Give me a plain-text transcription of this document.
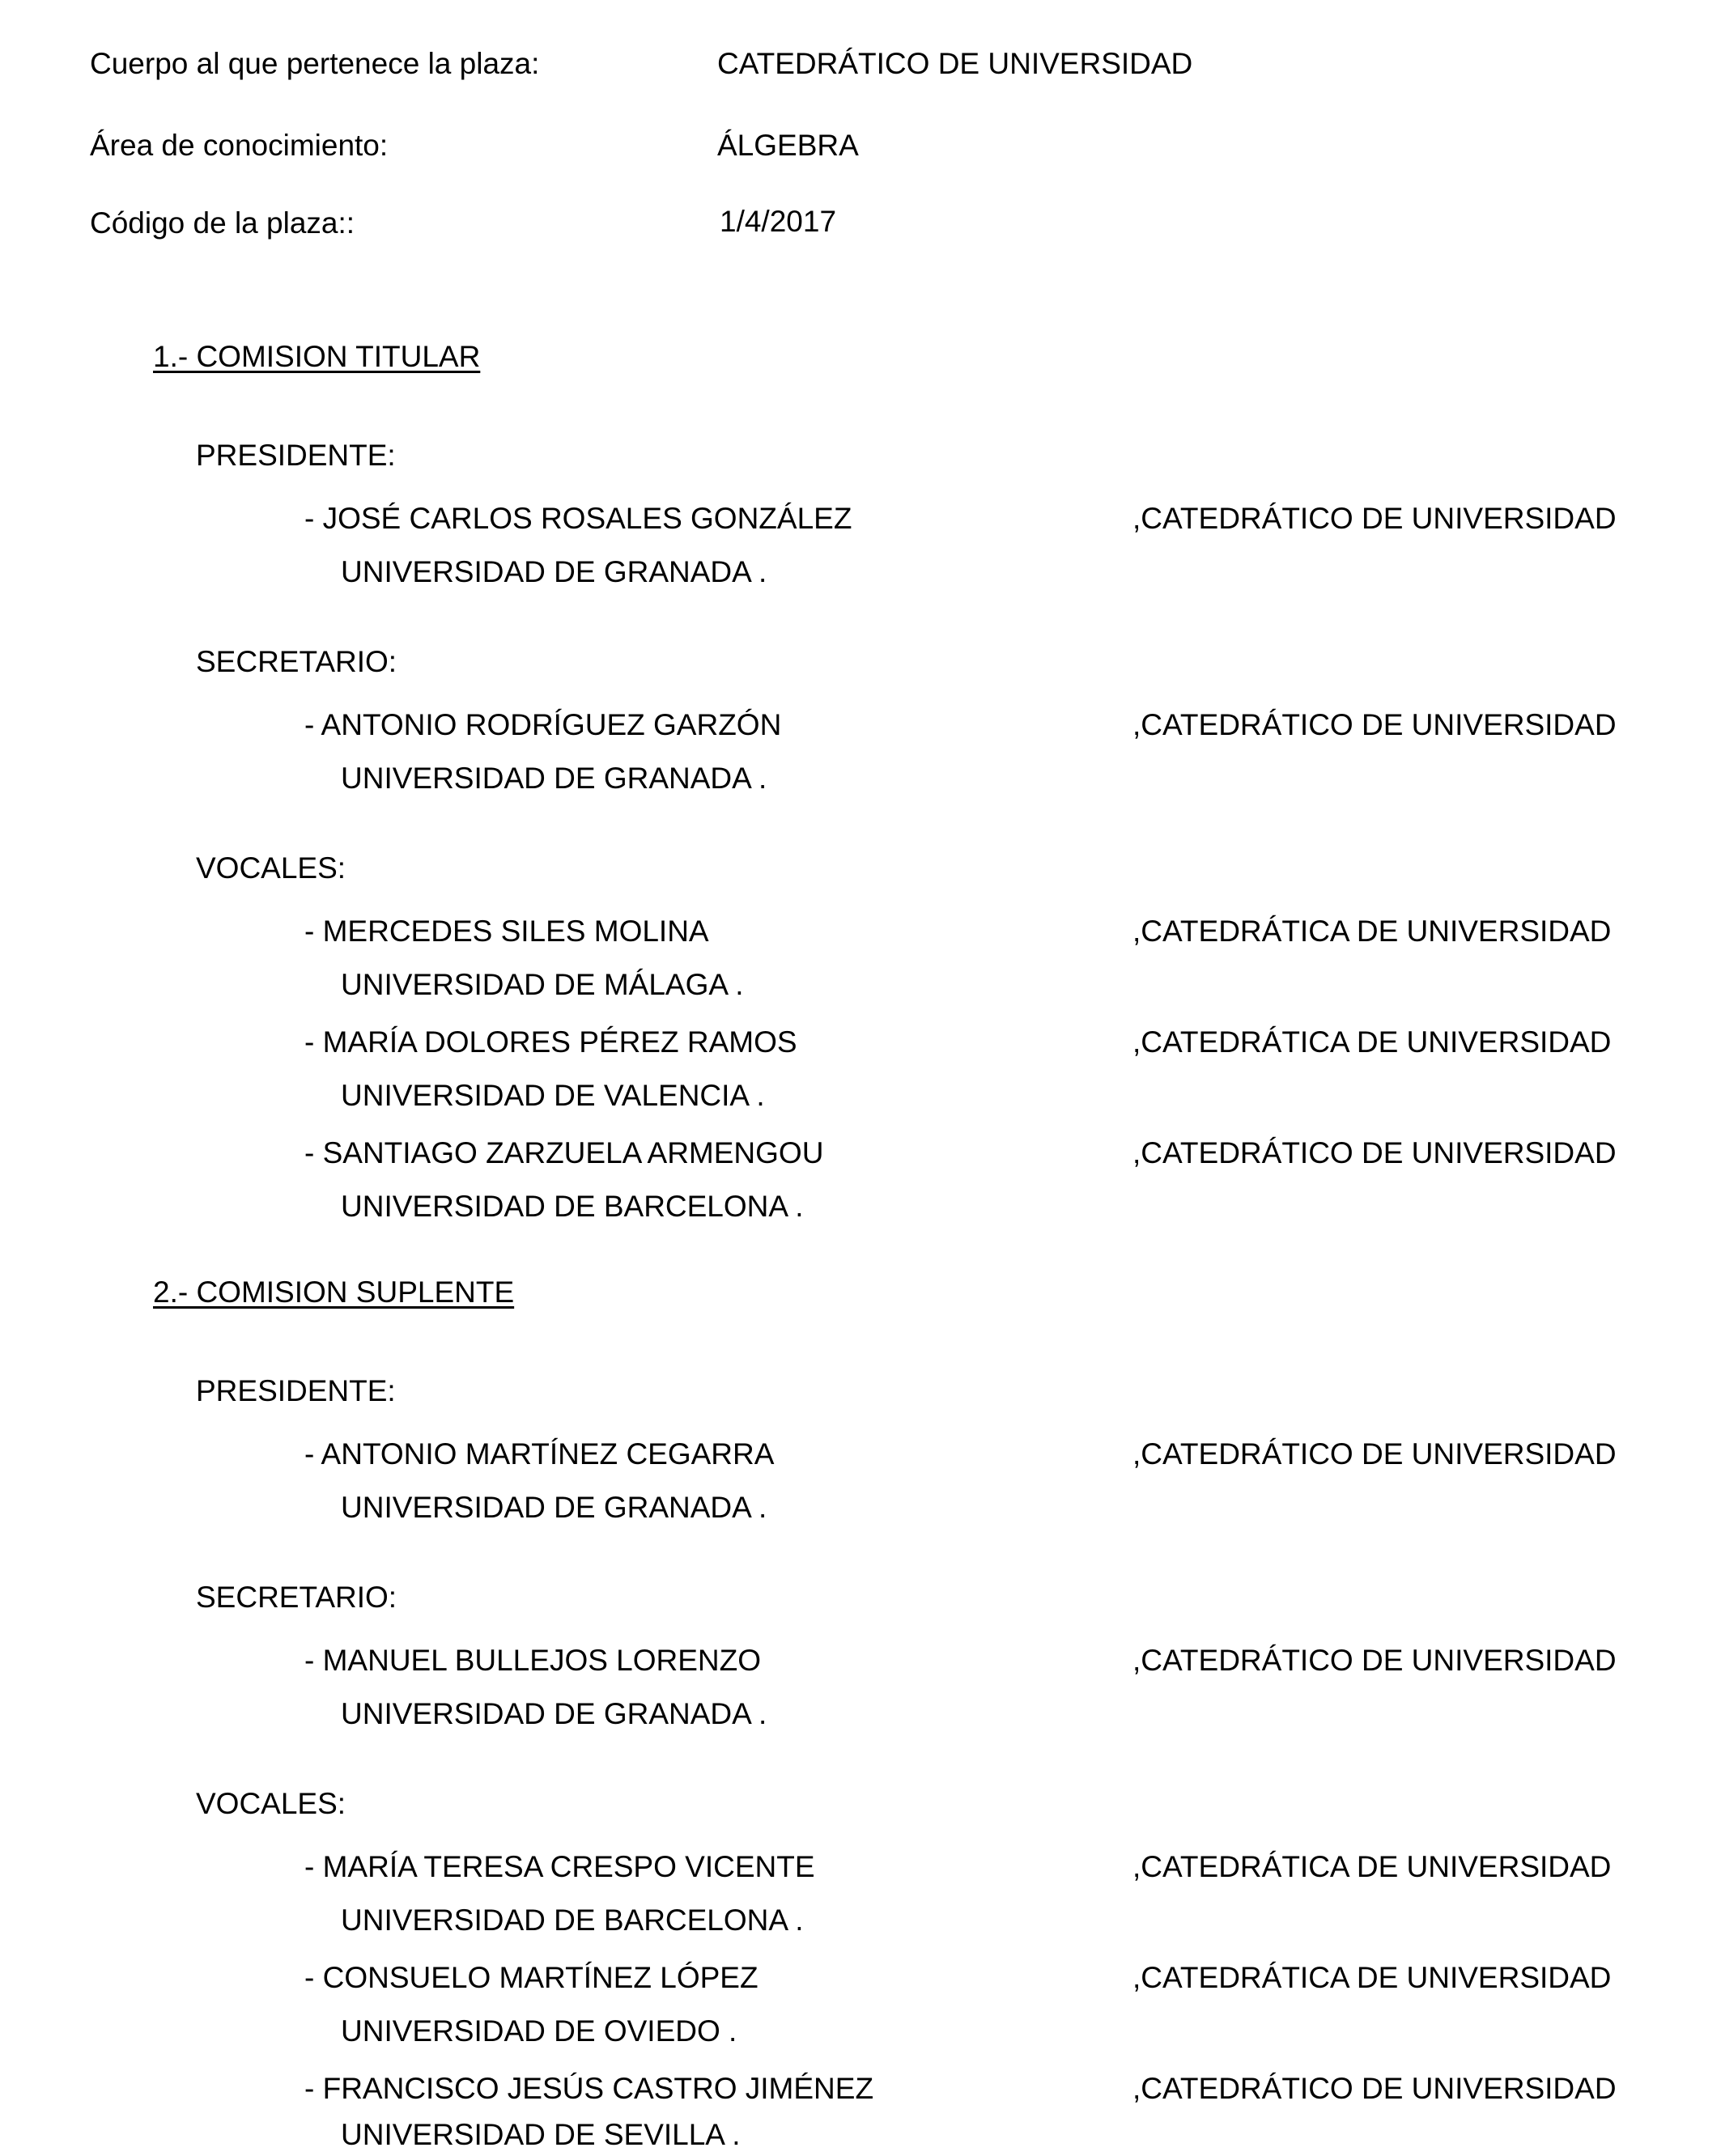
Cuerpo al que pertenece la plaza:	CATEDRÁTICO DE UNIVERSIDAD

Área de conocimiento:	ÁLGEBRA

Código de la plaza::	1/4/2017

1.- COMISION TITULAR

PRESIDENTE:

- JOSÉ CARLOS ROSALES GONZÁLEZ	,CATEDRÁTICO DE UNIVERSIDAD

UNIVERSIDAD DE GRANADA .

SECRETARIO:

- ANTONIO RODRÍGUEZ GARZÓN	,CATEDRÁTICO DE UNIVERSIDAD

UNIVERSIDAD DE GRANADA .

VOCALES:

- MERCEDES SILES MOLINA	,CATEDRÁTICA DE UNIVERSIDAD

UNIVERSIDAD DE MÁLAGA .

- MARÍA DOLORES PÉREZ RAMOS	,CATEDRÁTICA DE UNIVERSIDAD

UNIVERSIDAD DE VALENCIA .

- SANTIAGO ZARZUELA ARMENGOU	,CATEDRÁTICO DE UNIVERSIDAD

UNIVERSIDAD DE BARCELONA .

2.- COMISION SUPLENTE

PRESIDENTE:

- ANTONIO MARTÍNEZ CEGARRA	,CATEDRÁTICO DE UNIVERSIDAD

UNIVERSIDAD DE GRANADA .

SECRETARIO:

- MANUEL BULLEJOS LORENZO	,CATEDRÁTICO DE UNIVERSIDAD

UNIVERSIDAD DE GRANADA .

VOCALES:

- MARÍA TERESA CRESPO VICENTE	,CATEDRÁTICA DE UNIVERSIDAD

UNIVERSIDAD DE BARCELONA .

- CONSUELO MARTÍNEZ LÓPEZ	,CATEDRÁTICA DE UNIVERSIDAD

UNIVERSIDAD DE OVIEDO .

- FRANCISCO JESÚS CASTRO JIMÉNEZ	,CATEDRÁTICO DE UNIVERSIDAD

UNIVERSIDAD DE SEVILLA .
